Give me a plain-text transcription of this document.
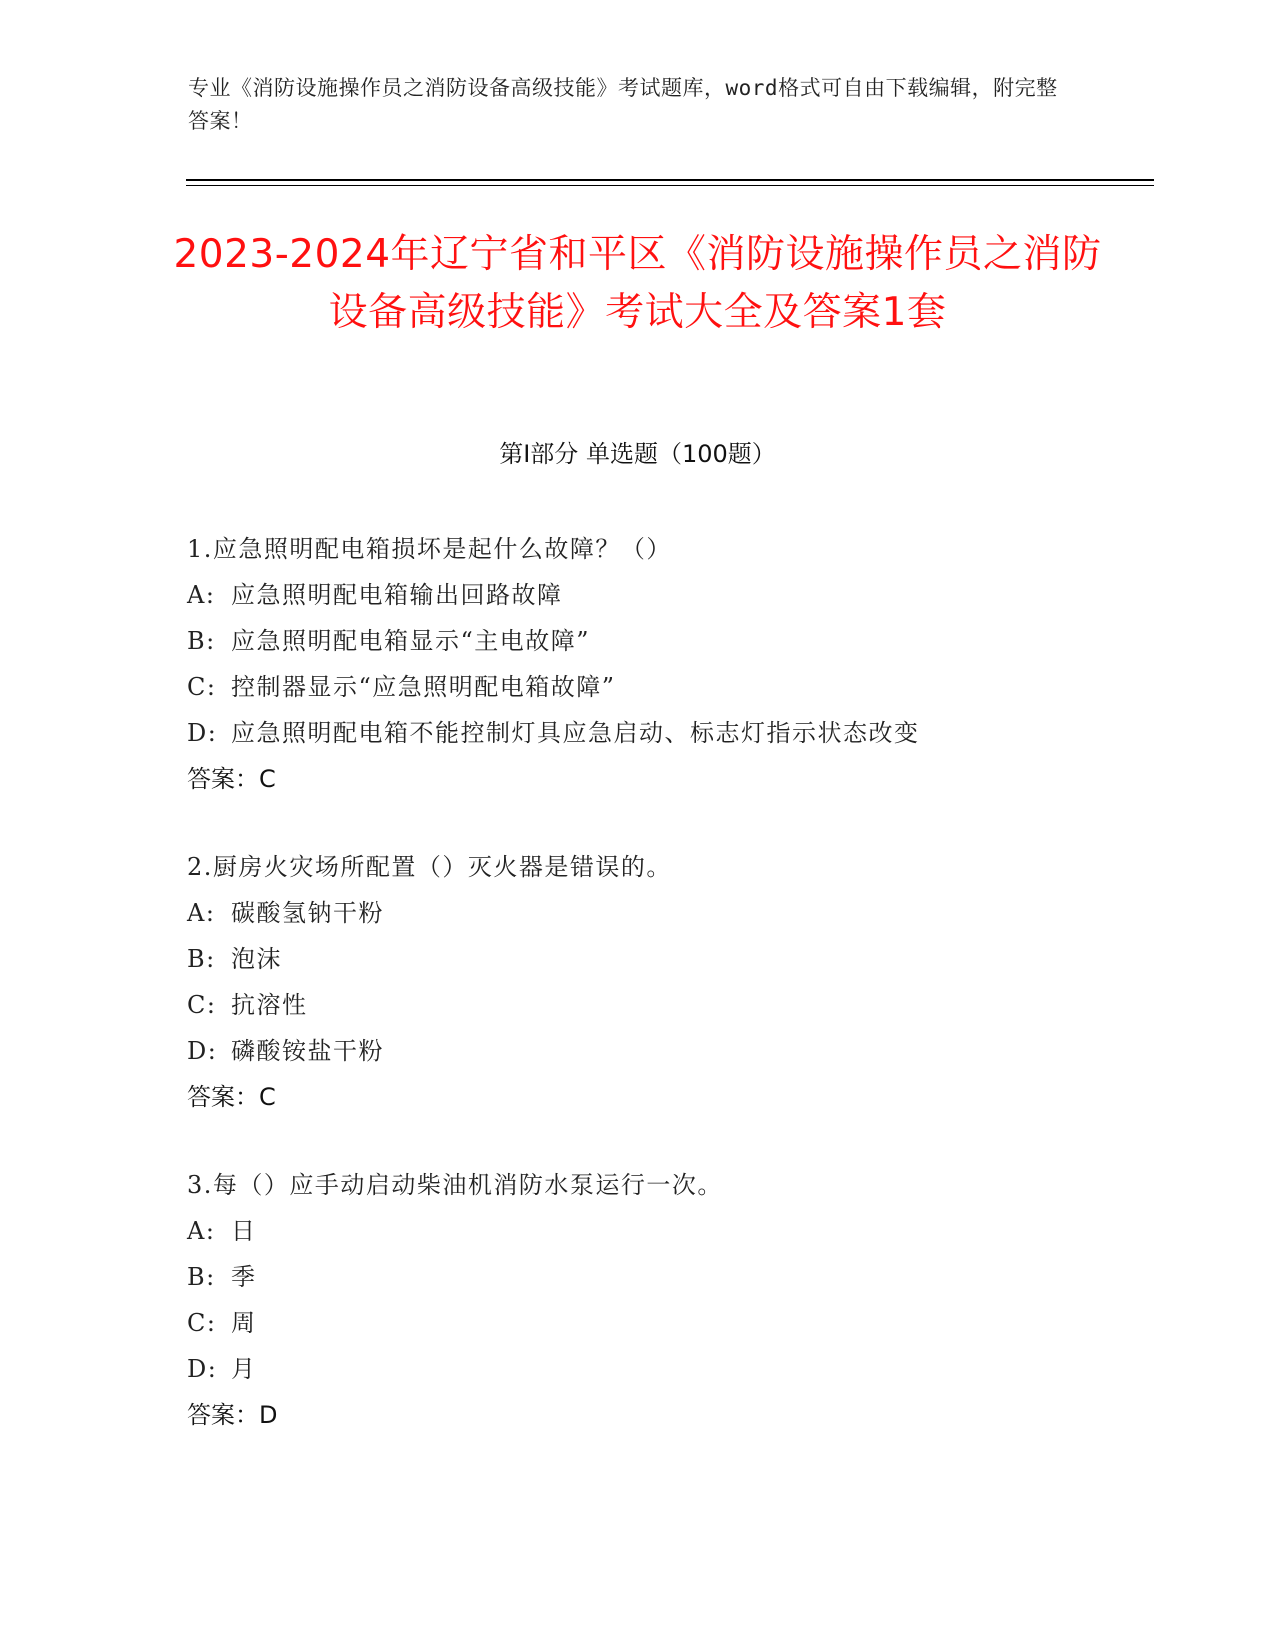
专业《消防设施操作员之消防设备高级技能》考试题库，word格式可自由下载编辑，附完整答案！
2023-2024年辽宁省和平区《消防设施操作员之消防设备高级技能》考试大全及答案1套
第I部分 单选题（100题）
1.应急照明配电箱损坏是起什么故障？（）
A: 应急照明配电箱输出回路故障
B: 应急照明配电箱显示“主电故障”
C: 控制器显示“应急照明配电箱故障”
D: 应急照明配电箱不能控制灯具应急启动、标志灯指示状态改变
答案：C
2.厨房火灾场所配置（）灭火器是错误的。
A: 碳酸氢钠干粉
B: 泡沫
C: 抗溶性
D: 磷酸铵盐干粉
答案：C
3.每（）应手动启动柴油机消防水泵运行一次。
A: 日
B: 季
C: 周
D: 月
答案：D
